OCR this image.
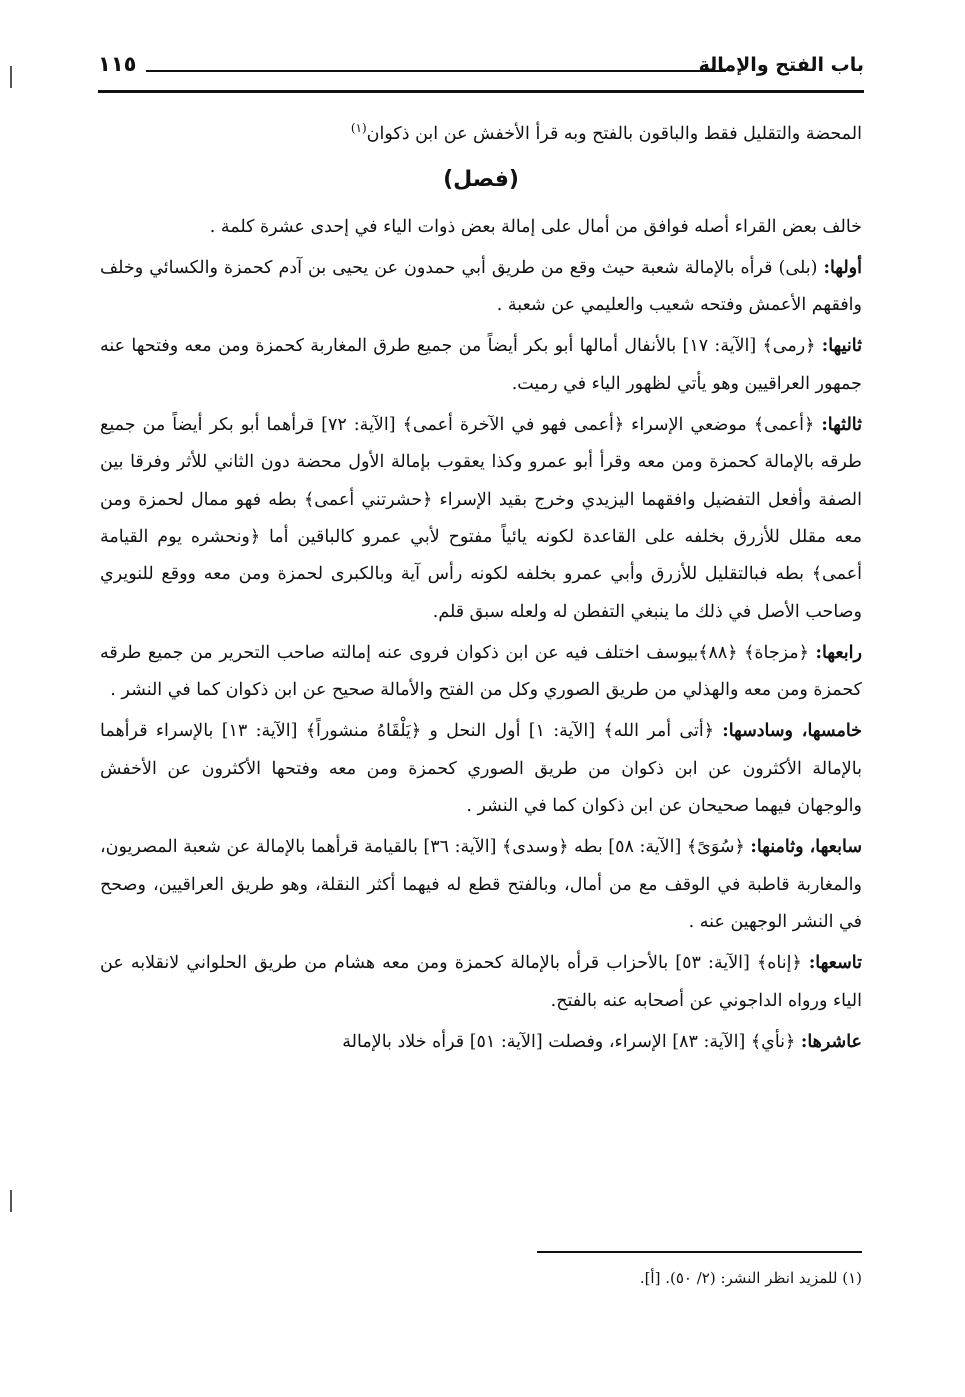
١١٥	باب الفتح والإمالة

المحضة والتقليل فقط والباقون بالفتح وبه قرأ الأخفش عن ابن ذكوان$^{(١)}$

(فصل)

خالف بعض القراء أصله فوافق من أمال على إمالة بعض ذوات الياء في إحدى عشرة كلمة .

أولها: (بلى) قرأه بالإمالة شعبة حيث وقع من طريق أبي حمدون عن يحيى بن آدم كحمزة والكسائي وخلف وافقهم الأعمش وفتحه شعيب والعليمي عن شعبة .

ثانيها: ﴿رمى﴾ [الآية: ١٧] بالأنفال أمالها أبو بكر أيضاً من جميع طرق المغاربة كحمزة ومن معه وفتحها عنه جمهور العراقيين وهو يأتي لظهور الياء في رميت.

ثالثها: ﴿أعمى﴾ موضعي الإسراء ﴿أعمى فهو في الآخرة أعمى﴾ [الآية: ٧٢] قرأهما أبو بكر أيضاً من جميع طرقه بالإمالة كحمزة ومن معه وقرأ أبو عمرو وكذا يعقوب بإمالة الأول محضة دون الثاني للأثر وفرقا بين الصفة وأفعل التفضيل وافقهما اليزيدي وخرج بقيد الإسراء ﴿حشرتني أعمى﴾ بطه فهو ممال لحمزة ومن معه مقلل للأزرق بخلفه على القاعدة لكونه يائياً مفتوح لأبي عمرو كالباقين أما ﴿ونحشره يوم القيامة أعمى﴾ بطه فبالتقليل للأزرق وأبي عمرو بخلفه لكونه رأس آية وبالكبرى لحمزة ومن معه ووقع للنويري وصاحب الأصل في ذلك ما ينبغي التفطن له ولعله سبق قلم.

رابعها: ﴿مزجاة﴾ ﴿٨٨﴾بيوسف اختلف فيه عن ابن ذكوان فروى عنه إمالته صاحب التحرير من جميع طرقه كحمزة ومن معه والهذلي من طريق الصوري وكل من الفتح والأمالة صحيح عن ابن ذكوان كما في النشر .

خامسها، وسادسها: ﴿أتى أمر الله﴾ [الآية: ١] أول النحل و ﴿يَلْقَاهُ منشوراً﴾ [الآية: ١٣] بالإسراء قرأهما بالإمالة الأكثرون عن ابن ذكوان من طريق الصوري كحمزة ومن معه وفتحها الأكثرون عن الأخفش والوجهان فيهما صحيحان عن ابن ذكوان كما في النشر .

سابعها، وثامنها: ﴿سُوَىً﴾ [الآية: ٥٨] بطه ﴿وسدى﴾ [الآية: ٣٦] بالقيامة قرأهما بالإمالة عن شعبة المصريون، والمغاربة قاطبة في الوقف مع من أمال، وبالفتح قطع له فيهما أكثر النقلة، وهو طريق العراقيين، وصحح في النشر الوجهين عنه .

تاسعها: ﴿إناه﴾ [الآية: ٥٣] بالأحزاب قرأه بالإمالة كحمزة ومن معه هشام من طريق الحلواني لانقلابه عن الياء ورواه الداجوني عن أصحابه عنه بالفتح.

عاشرها: ﴿نأي﴾ [الآية: ٨٣] الإسراء، وفصلت [الآية: ٥١] قرأه خلاد بالإمالة

(١) للمزيد انظر النشر: (٢/ ٥٠). [أ].
